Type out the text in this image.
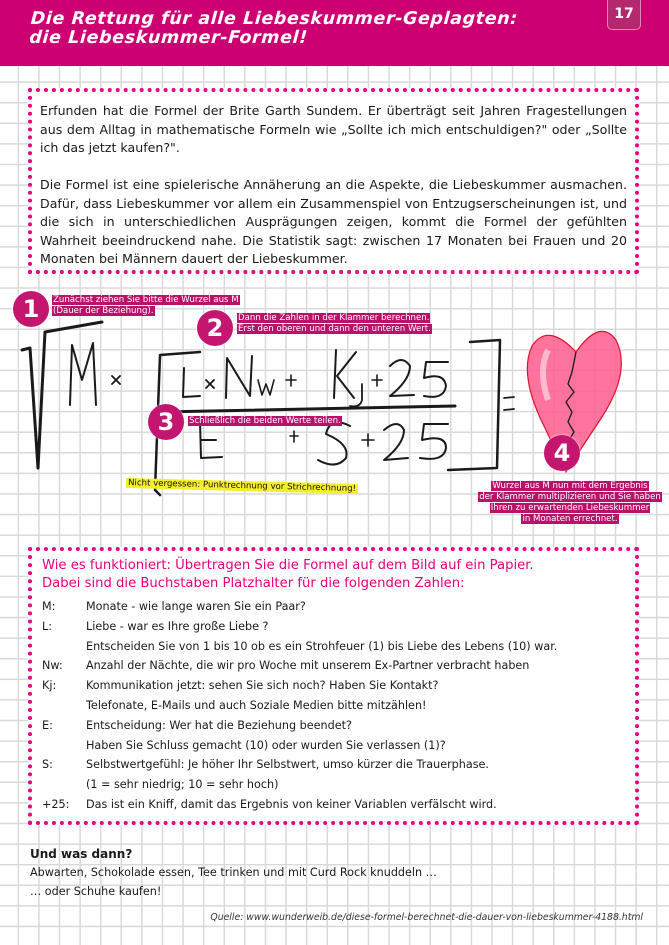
Die Rettung für alle Liebeskummer-Geplagten:
die Liebeskummer-Formel!
17

Erfunden hat die Formel der Brite Garth Sundem. Er überträgt seit Jahren Fragestellungen aus dem Alltag in mathematische Formeln wie „Sollte ich mich entschuldigen?" oder „Sollte ich das jetzt kaufen?".

Die Formel ist eine spielerische Annäherung an die Aspekte, die Liebeskummer ausmachen. Dafür, dass Liebeskummer vor allem ein Zusammenspiel von Entzugserscheinungen ist, und die sich in unterschiedlichen Ausprägungen zeigen, kommt die Formel der gefühlten Wahrheit beeindruckend nahe. Die Statistik sagt: zwischen 17 Monaten bei Frauen und 20 Monaten bei Männern dauert der Liebeskummer.

1	Zunächst ziehen Sie bitte die Wurzel aus M
(Dauer der Beziehung).
2	Dann die Zahlen in der Klammer berechnen.
Erst den oberen und dann den unteren Wert.
3	Schließlich die beiden Werte teilen.
Nicht vergessen: Punktrechnung vor Strichrechnung!
4
Wurzel aus M nun mit dem Ergebnis
der Klammer multiplizieren und Sie haben
Ihren zu erwartenden Liebeskummer
in Monaten errechnet.
Wie es funktioniert: Übertragen Sie die Formel auf dem Bild auf ein Papier.
Dabei sind die Buchstaben Platzhalter für die folgenden Zahlen:
M:	Monate - wie lange waren Sie ein Paar?
L:	Liebe - war es Ihre große Liebe ?
Entscheiden Sie von 1 bis 10 ob es ein Strohfeuer (1) bis Liebe des Lebens (10) war.
Nw:	Anzahl der Nächte, die wir pro Woche mit unserem Ex-Partner verbracht haben
Kj:	Kommunikation jetzt: sehen Sie sich noch? Haben Sie Kontakt?
Telefonate, E-Mails und auch Soziale Medien bitte mitzählen!
E:	Entscheidung: Wer hat die Beziehung beendet?
Haben Sie Schluss gemacht (10) oder wurden Sie verlassen (1)?
S:	Selbstwertgefühl: Je höher Ihr Selbstwert, umso kürzer die Trauerphase.
(1 = sehr niedrig; 10 = sehr hoch)
+25:	Das ist ein Kniff, damit das Ergebnis von keiner Variablen verfälscht wird.
Und was dann?
Abwarten, Schokolade essen, Tee trinken und mit Curd Rock knuddeln …
… oder Schuhe kaufen!
Quelle: www.wunderweib.de/diese-formel-berechnet-die-dauer-von-liebeskummer-4188.html
